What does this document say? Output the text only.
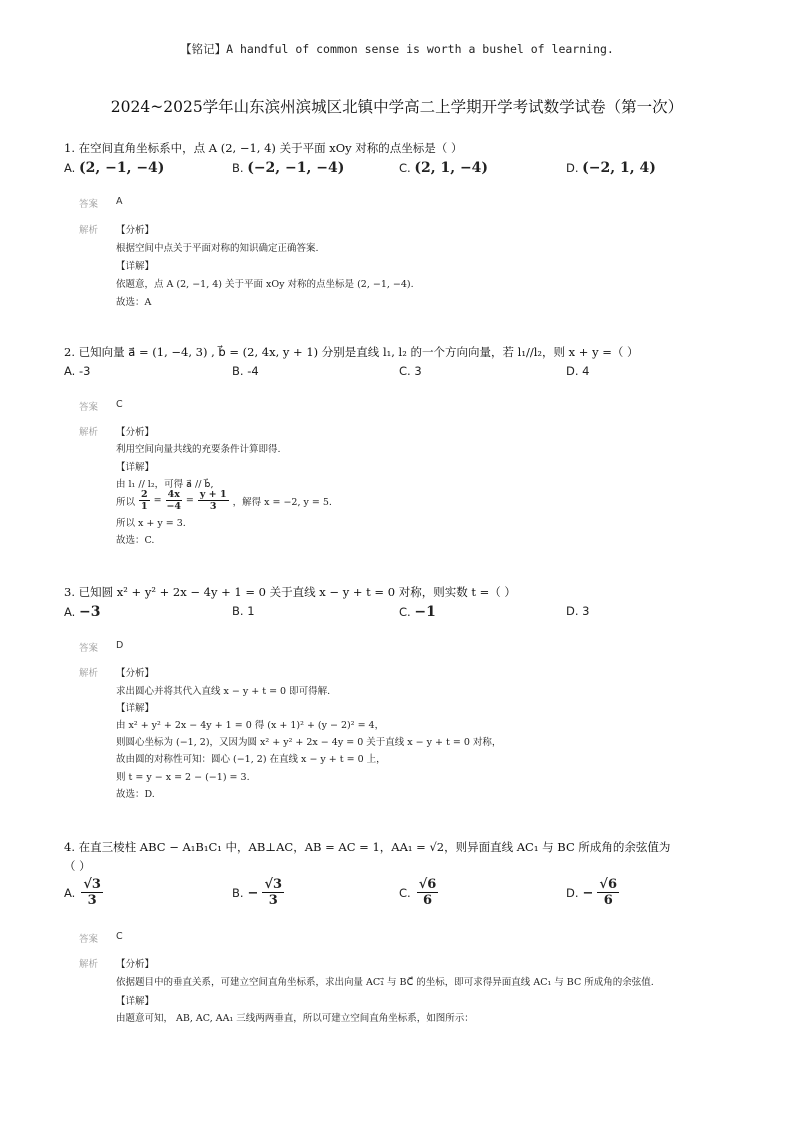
【铭记】A handful of common sense is worth a bushel of learning.
2024~2025学年山东滨州滨城区北镇中学高二上学期开学考试数学试卷（第一次）
1. 在空间直角坐标系中，点 A (2, −1, 4) 关于平面 xOy 对称的点坐标是（ ）
A. (2, −1, −4)	B. (−2, −1, −4)	C. (2, 1, −4)	D. (−2, 1, 4)
答案 A
解析 【分析】
根据空间中点关于平面对称的知识确定正确答案.
【详解】
依题意，点 A (2, −1, 4) 关于平面 xOy 对称的点坐标是 (2, −1, −4).
故选：A
2. 已知向量 a⃗ = (1, −4, 3) , b⃗ = (2, 4x, y + 1) 分别是直线 l₁, l₂ 的一个方向向量，若 l₁//l₂，则 x + y =（ ）
A. -3	B. -4	C. 3	D. 4
答案 C
解析 【分析】
利用空间向量共线的充要条件计算即得.
【详解】
由 l₁ // l₂，可得 a⃗ // b⃗,
所以 $\frac{2}{1} = \frac{4x}{-4} = \frac{y + 1}{3}$ ，解得 x = −2, y = 5.
所以 x + y = 3.
故选：C.
3. 已知圆 x² + y² + 2x − 4y + 1 = 0 关于直线 x − y + t = 0 对称，则实数 t =（ ）
A. −3	B. 1	C. −1	D. 3
答案 D
解析 【分析】
求出圆心并将其代入直线 x − y + t = 0 即可得解.
【详解】
由 x² + y² + 2x − 4y + 1 = 0 得 (x + 1)² + (y − 2)² = 4，
则圆心坐标为 (−1, 2)，又因为圆 x² + y² + 2x − 4y = 0 关于直线 x − y + t = 0 对称，
故由圆的对称性可知：圆心 (−1, 2) 在直线 x − y + t = 0 上，
则 t = y − x = 2 − (−1) = 3.
故选：D.
4. 在直三棱柱 ABC − A₁B₁C₁ 中，AB⊥AC，AB = AC = 1，AA₁ = √2，则异面直线 AC₁ 与 BC 所成角的余弦值为
（ ）
A. $\frac{√3}{3}$	B. − $\frac{√3}{3}$	C. $\frac{√6}{6}$	D. − $\frac{√6}{6}$
答案 C
解析 【分析】
依据题目中的垂直关系，可建立空间直角坐标系，求出向量 AC₁⃗ 与 BC⃗ 的坐标，即可求得异面直线 AC₁ 与 BC 所成角的余弦值.
【详解】
由题意可知， AB, AC, AA₁ 三线两两垂直，所以可建立空间直角坐标系，如图所示：
